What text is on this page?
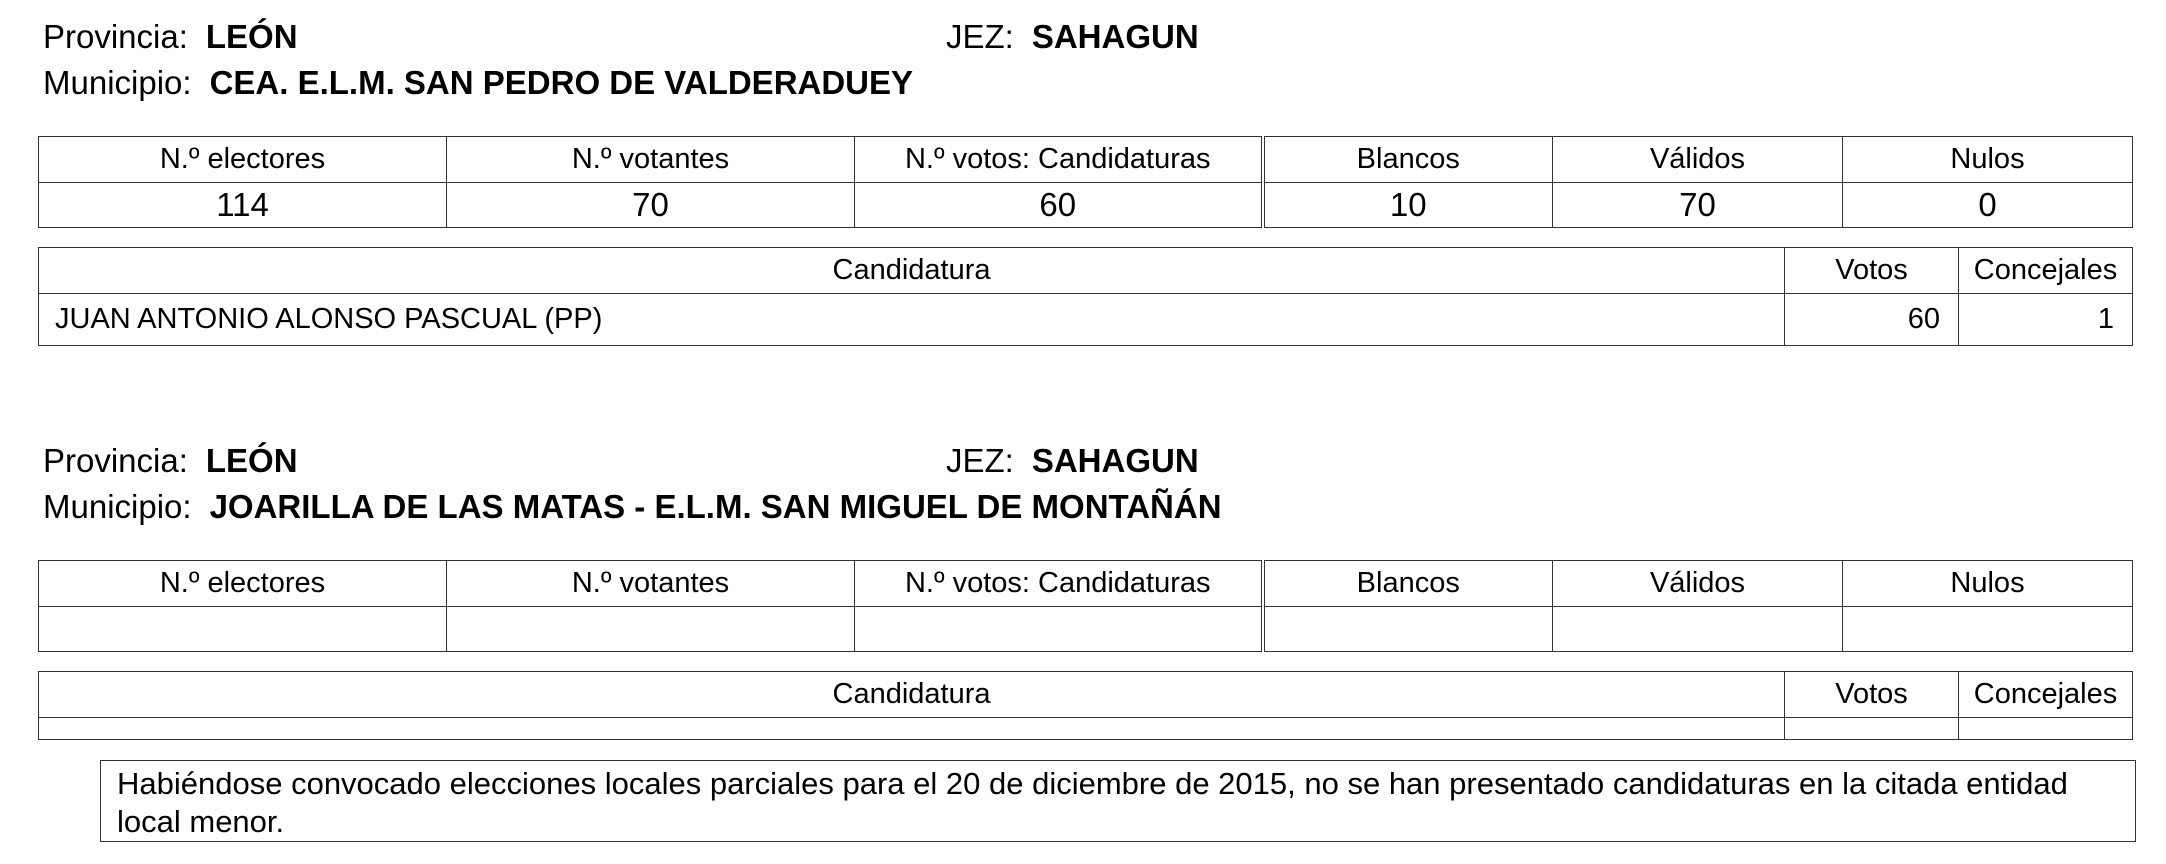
Provincia: LEÓN	JEZ: SAHAGUN
Municipio: CEA. E.L.M. SAN PEDRO DE VALDERADUEY
N.º electores	N.º votantes	N.º votos: Candidaturas	Blancos	Válidos	Nulos
114	70	60	10	70	0
Candidatura	Votos	Concejales
JUAN ANTONIO ALONSO PASCUAL (PP)	60	1
Provincia: LEÓN	JEZ: SAHAGUN
Municipio: JOARILLA DE LAS MATAS - E.L.M. SAN MIGUEL DE MONTAÑÁN
N.º electores	N.º votantes	N.º votos: Candidaturas	Blancos	Válidos	Nulos

Candidatura	Votos	Concejales

Habiéndose convocado elecciones locales parciales para el 20 de diciembre de 2015, no se han presentado candidaturas en la citada entidad local menor.
